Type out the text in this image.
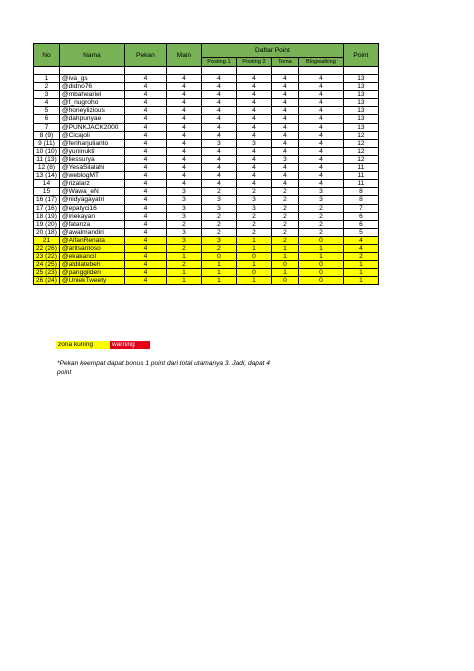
No	Nama	Pekan	Main	Daftar Point				Point
				Posting 1	Posting 2	Tema	Blogwalking	

1	@iva_gs	4	4	4	4	4	4	13
2	@didno76	4	4	4	4	4	4	13
3	@mbaheariel	4	4	4	4	4	4	13
4	@f_nugroho	4	4	4	4	4	4	13
5	@honeylizious	4	4	4	4	4	4	13
6	@dahpunyae	4	4	4	4	4	4	13
7	@PUNKJACK2000	4	4	4	4	4	4	13
8 (9)	@Cicajoli	4	4	4	4	4	4	12
9 (11)	@feriharjulianto	4	4	3	3	4	4	12
10 (10)	@yuninukti	4	4	4	4	4	4	12
11 (13)	@liessurya	4	4	4	4	3	4	12
12 (8)	@YesaSilalahi	4	4	4	4	4	4	11
13 (14)	@weblogMT	4	4	4	4	4	4	11
14	@rizalarz	4	4	4	4	4	4	11
15	@Wawa_eN	4	3	2	2	2	3	8
16 (17)	@nidyagayatri	4	3	3	3	2	3	8
17 (16)	@epatyci16	4	3	3	3	2	2	7
18 (19)	@iriekayan	4	3	2	2	2	2	6
19 (20)	@fatanza	4	2	2	2	2	2	6
20 (18)	@awalmandiri	4	3	2	2	2	2	5
21	@AlfanRenata	4	3	3	1	2	0	4
22 (26)	@aritsantoso	4	2	2	1	1	1	4
23 (22)	@ekakancil	4	1	0	0	1	1	2
24 (25)	@aldilatebeh	4	2	1	1	0	0	1
25 (23)	@panggilden	4	1	1	0	1	0	1
26 (24)	@UniekTweety	4	1	1	1	0	0	1
zona kuning	warning
*Pekan keempat dapat bonus 1 point dari total utamanya 3. Jadi, dapat 4 point
